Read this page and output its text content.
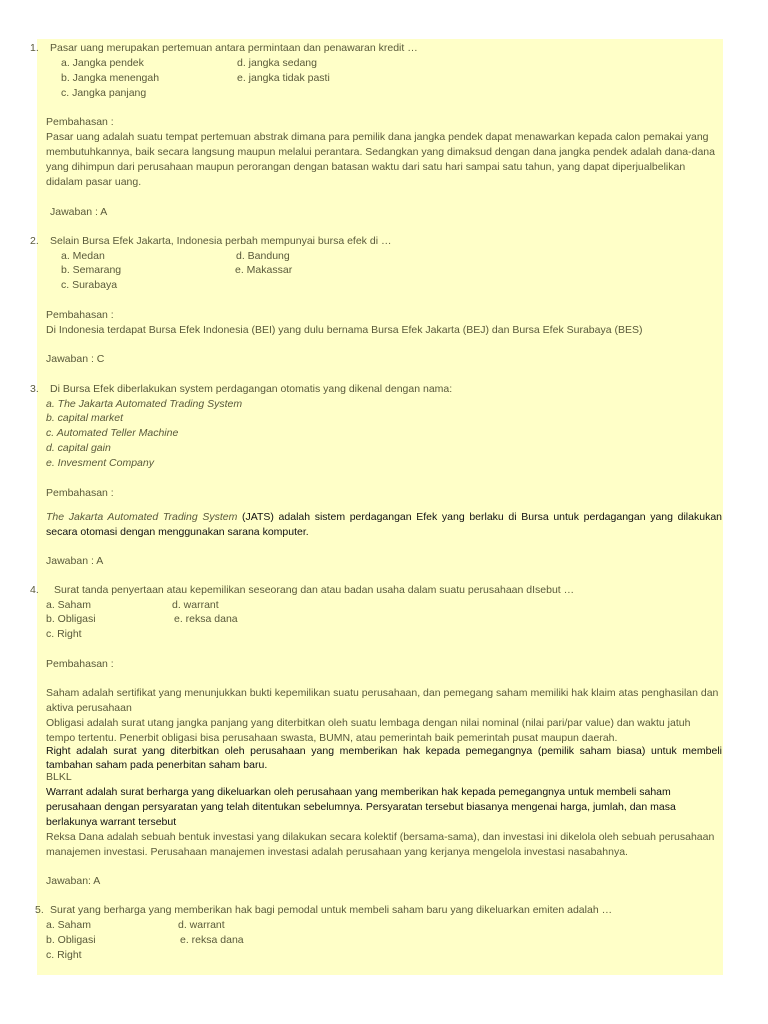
1. Pasar uang merupakan pertemuan antara permintaan dan penawaran kredit …
a. Jangka pendek	d. jangka sedang
b. Jangka menengah	e. jangka tidak pasti
c. Jangka panjang
Pembahasan :
Pasar uang adalah suatu tempat pertemuan abstrak dimana para pemilik dana jangka pendek dapat menawarkan kepada calon pemakai yang membutuhkannya, baik secara langsung maupun melalui perantara. Sedangkan yang dimaksud dengan dana jangka pendek adalah dana-dana yang dihimpun dari perusahaan maupun perorangan dengan batasan waktu dari satu hari sampai satu tahun, yang dapat diperjualbelikan didalam pasar uang.
Jawaban : A
2. Selain Bursa Efek Jakarta, Indonesia perbah mempunyai bursa efek di …
a. Medan	d. Bandung
b. Semarang	e. Makassar
c. Surabaya
Pembahasan :
Di Indonesia terdapat Bursa Efek Indonesia (BEI) yang dulu bernama Bursa Efek Jakarta (BEJ) dan Bursa Efek Surabaya (BES)
Jawaban : C
3. Di Bursa Efek diberlakukan system perdagangan otomatis yang dikenal dengan nama:
a. The Jakarta Automated Trading System
b. capital market
c. Automated Teller Machine
d. capital gain
e. Invesment Company
Pembahasan :
The Jakarta Automated Trading System (JATS) adalah sistem perdagangan Efek yang berlaku di Bursa untuk perdagangan yang dilakukan secara otomasi dengan menggunakan sarana komputer.
Jawaban : A
4. Surat tanda penyertaan atau kepemilikan seseorang dan atau badan usaha dalam suatu perusahaan dIsebut …
a. Saham	d. warrant
b. Obligasi	e. reksa dana
c. Right
Pembahasan :
Saham adalah sertifikat yang menunjukkan bukti kepemilikan suatu perusahaan, dan pemegang saham memiliki hak klaim atas penghasilan dan aktiva perusahaan
Obligasi adalah surat utang jangka panjang yang diterbitkan oleh suatu lembaga dengan nilai nominal (nilai pari/par value) dan waktu jatuh tempo tertentu. Penerbit obligasi bisa perusahaan swasta, BUMN, atau pemerintah baik pemerintah pusat maupun daerah.
Right adalah surat yang diterbitkan oleh perusahaan yang memberikan hak kepada pemegangnya (pemilik saham biasa) untuk membeli tambahan saham pada penerbitan saham baru.
BLKL
Warrant adalah surat berharga yang dikeluarkan oleh perusahaan yang memberikan hak kepada pemegangnya untuk membeli saham perusahaan dengan persyaratan yang telah ditentukan sebelumnya. Persyaratan tersebut biasanya mengenai harga, jumlah, dan masa berlakunya warrant tersebut
Reksa Dana adalah sebuah bentuk investasi yang dilakukan secara kolektif (bersama-sama), dan investasi ini dikelola oleh sebuah perusahaan manajemen investasi. Perusahaan manajemen investasi adalah perusahaan yang kerjanya mengelola investasi nasabahnya.
Jawaban: A
5. Surat yang berharga yang memberikan hak bagi pemodal untuk membeli saham baru yang dikeluarkan emiten adalah …
a. Saham	d. warrant
b. Obligasi	e. reksa dana
c. Right
